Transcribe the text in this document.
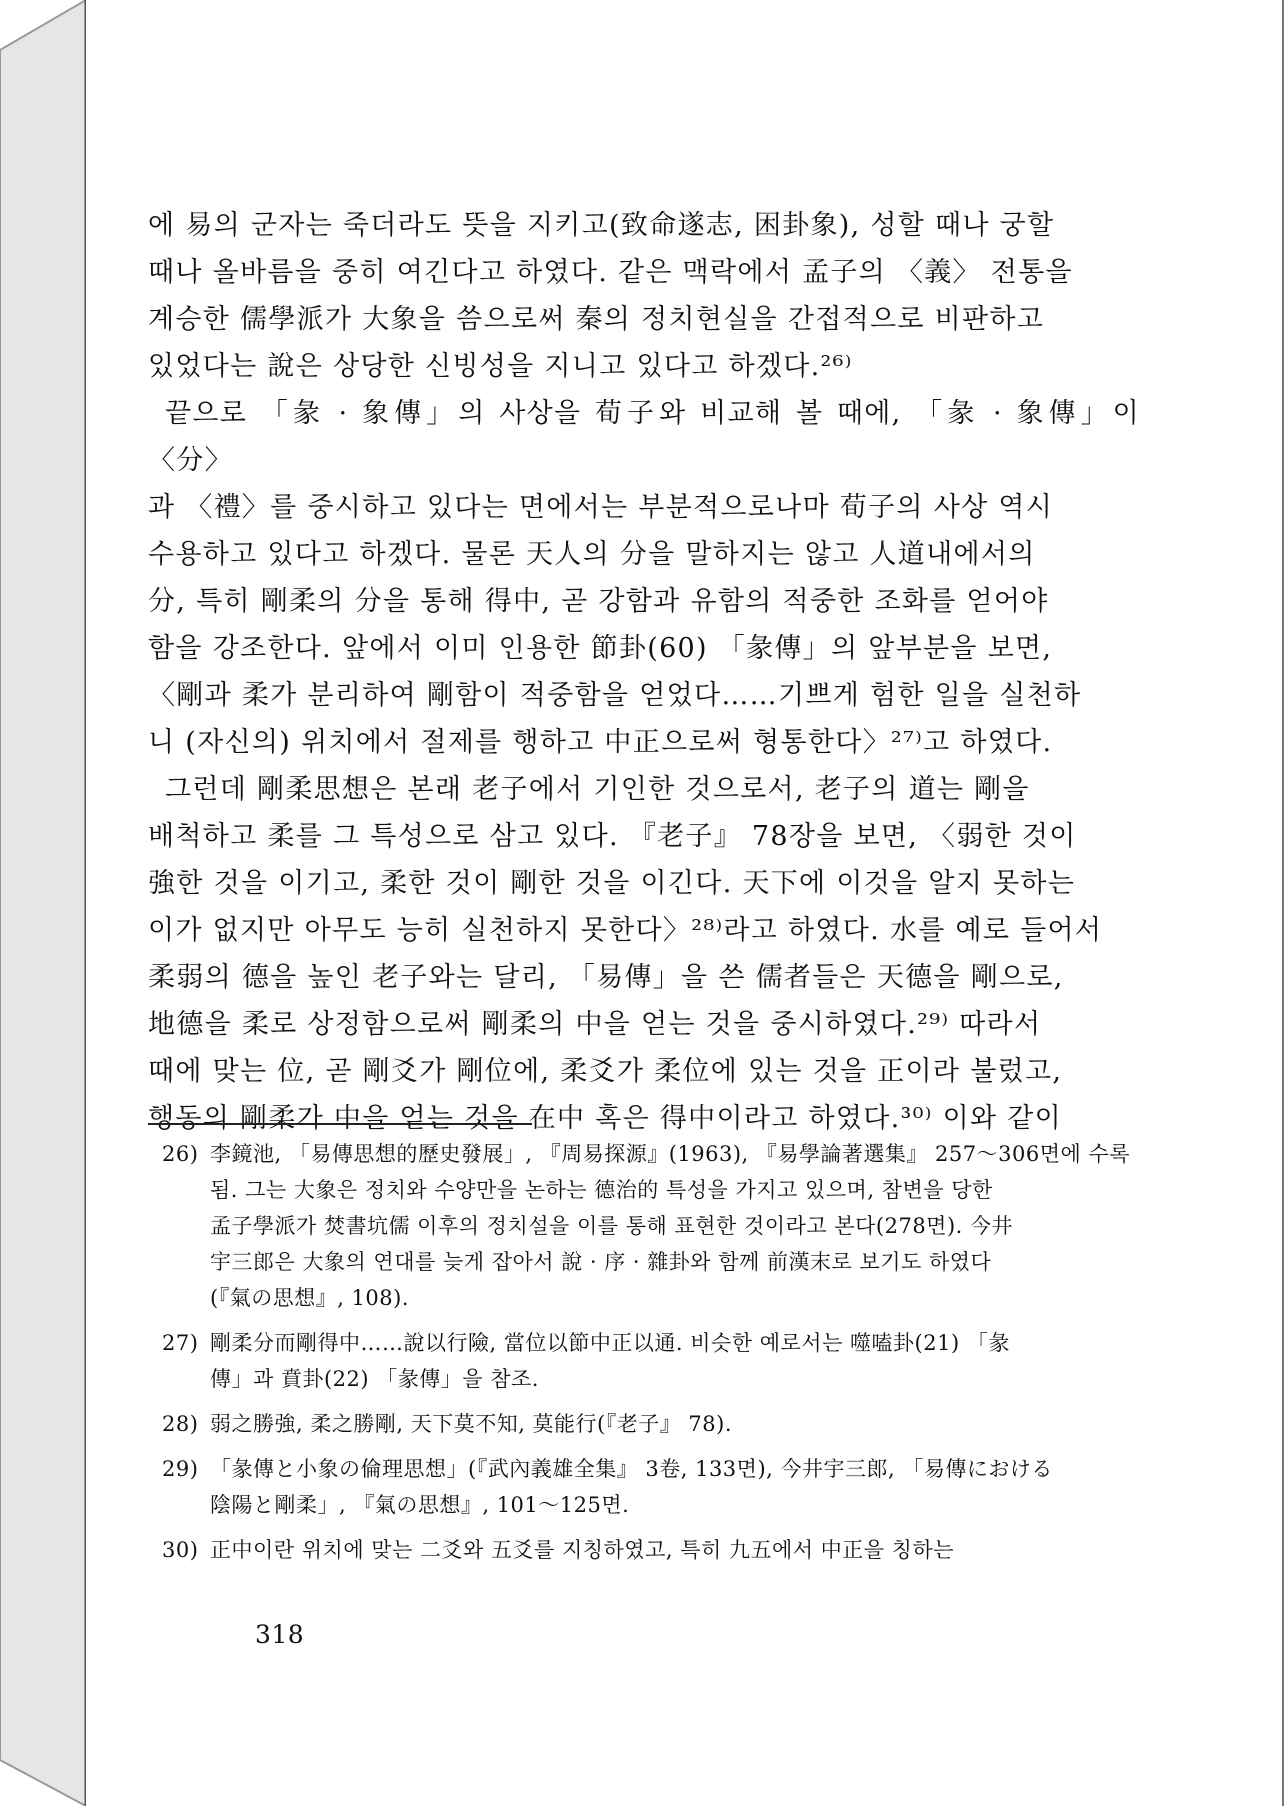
에 易의 군자는 죽더라도 뜻을 지키고(致命遂志, 困卦象), 성할 때나 궁할
때나 올바름을 중히 여긴다고 하였다. 같은 맥락에서 孟子의 〈義〉 전통을
계승한 儒學派가 大象을 씀으로써 秦의 정치현실을 간접적으로 비판하고
있었다는 說은 상당한 신빙성을 지니고 있다고 하겠다.²⁶⁾

끝으로 「彖 · 象傳」의 사상을 荀子와 비교해 볼 때에, 「彖 · 象傳」이 〈分〉
과 〈禮〉를 중시하고 있다는 면에서는 부분적으로나마 荀子의 사상 역시
수용하고 있다고 하겠다. 물론 天人의 分을 말하지는 않고 人道내에서의
分, 특히 剛柔의 分을 통해 得中, 곧 강함과 유함의 적중한 조화를 얻어야
함을 강조한다. 앞에서 이미 인용한 節卦(60) 「彖傳」의 앞부분을 보면,
〈剛과 柔가 분리하여 剛함이 적중함을 얻었다……기쁘게 험한 일을 실천하
니 (자신의) 위치에서 절제를 행하고 中正으로써 형통한다〉²⁷⁾고 하였다.

그런데 剛柔思想은 본래 老子에서 기인한 것으로서, 老子의 道는 剛을
배척하고 柔를 그 특성으로 삼고 있다. 『老子』 78장을 보면, 〈弱한 것이
強한 것을 이기고, 柔한 것이 剛한 것을 이긴다. 天下에 이것을 알지 못하는
이가 없지만 아무도 능히 실천하지 못한다〉²⁸⁾라고 하였다. 水를 예로 들어서
柔弱의 德을 높인 老子와는 달리, 「易傳」을 쓴 儒者들은 天德을 剛으로,
地德을 柔로 상정함으로써 剛柔의 中을 얻는 것을 중시하였다.²⁹⁾ 따라서
때에 맞는 位, 곧 剛爻가 剛位에, 柔爻가 柔位에 있는 것을 正이라 불렀고,
행동의 剛柔가 中을 얻는 것을 在中 혹은 得中이라고 하였다.³⁰⁾ 이와 같이

26) 李鏡池, 「易傳思想的歷史發展」, 『周易探源』(1963), 『易學論著選集』 257～306면에 수록
됨. 그는 大象은 정치와 수양만을 논하는 德治的 특성을 가지고 있으며, 참변을 당한
孟子學派가 焚書坑儒 이후의 정치설을 이를 통해 표현한 것이라고 본다(278면). 今井
宇三郎은 大象의 연대를 늦게 잡아서 說 · 序 · 雜卦와 함께 前漢末로 보기도 하였다
(『氣の思想』, 108).
27) 剛柔分而剛得中……說以行險, 當位以節中正以通. 비슷한 예로서는 噬嗑卦(21) 「彖
傳」과 賁卦(22) 「彖傳」을 참조.
28) 弱之勝強, 柔之勝剛, 天下莫不知, 莫能行(『老子』 78).
29) 「彖傳と小象の倫理思想」(『武內義雄全集』 3卷, 133면), 今井宇三郎, 「易傳における
陰陽と剛柔」, 『氣の思想』, 101～125면.
30) 正中이란 위치에 맞는 二爻와 五爻를 지칭하였고, 특히 九五에서 中正을 칭하는
318
